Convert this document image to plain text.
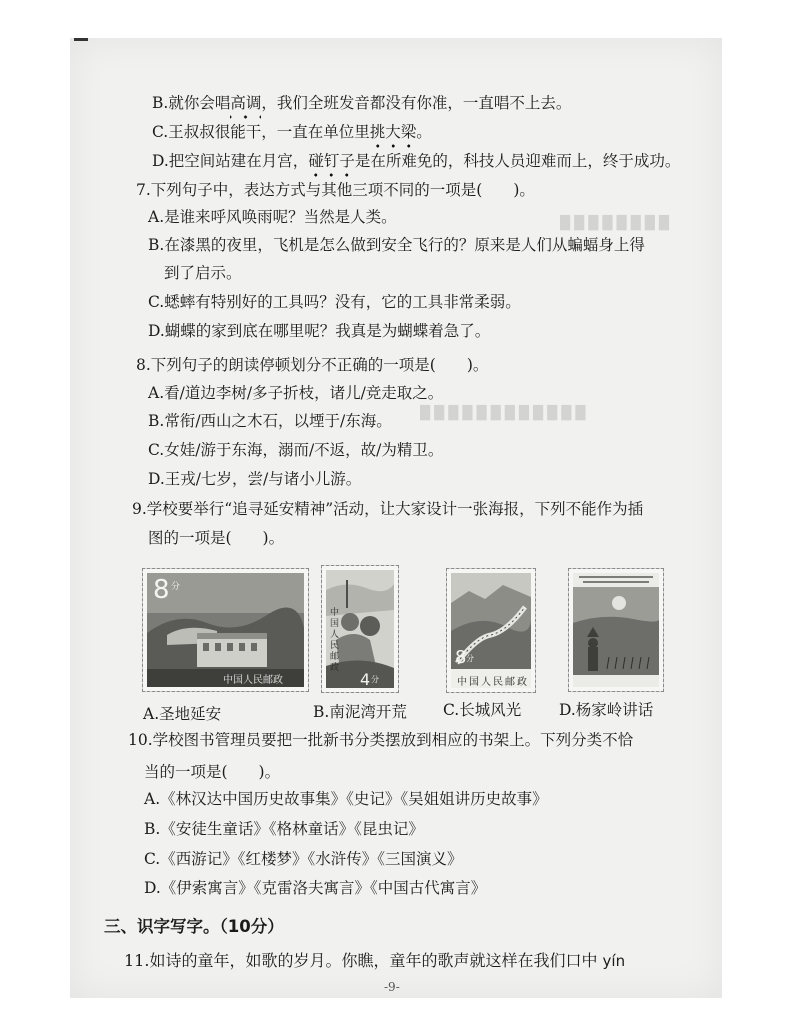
█ █ █ █ █ █ █ █
█ █ █ █ █ █ █ █ █ █ █ █
B.就你会唱高调，我们全班发音都没有你准，一直唱不上去。
C.王叔叔很能干，一直在单位里挑大梁。
D.把空间站建在月宫，碰钉子是在所难免的，科技人员迎难而上，终于成功。
7.下列句子中，表达方式与其他三项不同的一项是(　　)。
A.是谁来呼风唤雨呢？当然是人类。
B.在漆黑的夜里，飞机是怎么做到安全飞行的？原来是人们从蝙蝠身上得
到了启示。
C.蟋蟀有特别好的工具吗？没有，它的工具非常柔弱。
D.蝴蝶的家到底在哪里呢？我真是为蝴蝶着急了。
8.下列句子的朗读停顿划分不正确的一项是(　　)。
A.看/道边李树/多子折枝，诸儿/竞走取之。
B.常衔/西山之木石，以堙于/东海。
C.女娃/游于东海，溺而/不返，故/为精卫。
D.王戎/七岁，尝/与诸小儿游。
9.学校要举行“追寻延安精神”活动，让大家设计一张海报，下列不能作为插
图的一项是(　　)。
8 分
中国人民邮政
中国人民邮政
4 分
8 分
中国人民邮政
A.圣地延安	B.南泥湾开荒 C.长城风光 D.杨家岭讲话
10.学校图书管理员要把一批新书分类摆放到相应的书架上。下列分类不恰
当的一项是(　　)。
A.《林汉达中国历史故事集》《史记》《吴姐姐讲历史故事》
B.《安徒生童话》《格林童话》《昆虫记》
C.《西游记》《红楼梦》《水浒传》《三国演义》
D.《伊索寓言》《克雷洛夫寓言》《中国古代寓言》
三、识字写字。（10分）
11.如诗的童年，如歌的岁月。你瞧，童年的歌声就这样在我们口中 yín
-9-
